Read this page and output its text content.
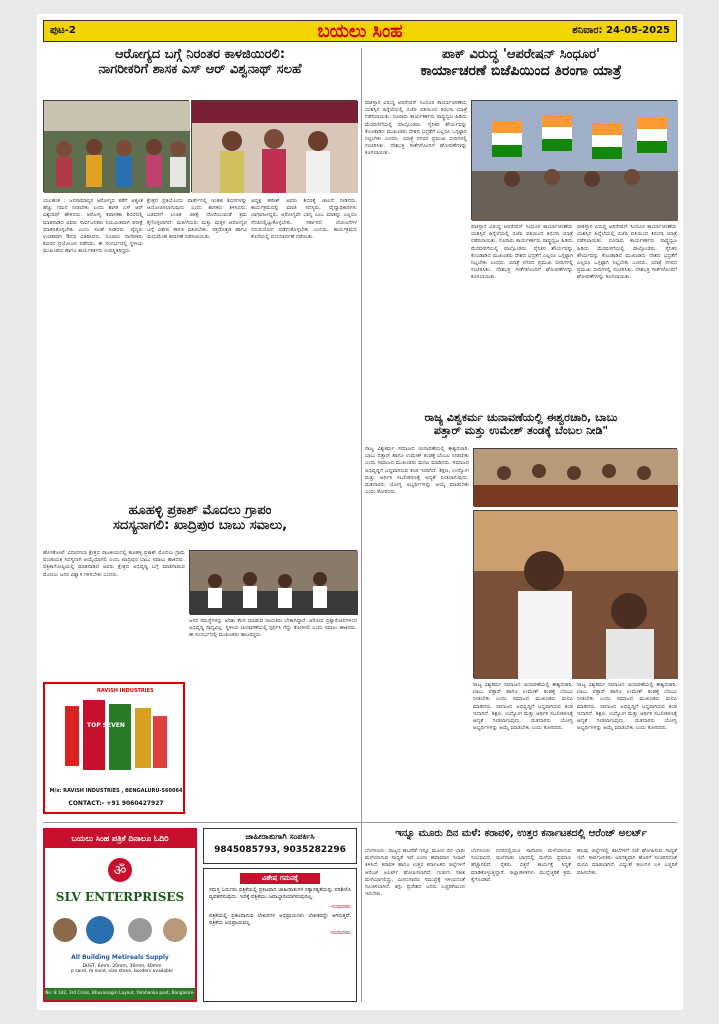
ಪುಟ-2	ಬಯಲು ಸಿಂಹ	ಶನಿವಾರ: 24-05-2025
ಆರೋಗ್ಯದ ಬಗ್ಗೆ ನಿರಂತರ ಕಾಳಜಿಯಿರಲಿ:
ನಾಗರೀಕರಿಗೆ ಶಾಸಕ ಎಸ್ ಆರ್ ವಿಶ್ವನಾಥ್ ಸಲಹೆ
ಯಲಹಂಕ : ಜನಸಾಮಾನ್ಯರ ಆರೋಗ್ಯದ ಕಡೆಗೆ ಅತ್ಯಂತ ಹೆಚ್ಚು ಗಮನ ನೀಡಬೇಕು ಎಂದು ಶಾಸಕ ಎಸ್ ಆರ್ ವಿಶ್ವನಾಥ್ ಹೇಳಿದರು. ಆರೋಗ್ಯ ತಪಾಸಣಾ ಶಿಬಿರದಲ್ಲಿ ಮಾತನಾಡಿದ ಅವರು ಸಾರ್ವಜನಿಕರು ನಿಯಮಿತವಾಗಿ ಪರೀಕ್ಷೆ ಮಾಡಿಸಿಕೊಳ್ಳಬೇಕು ಎಂದು ಸಲಹೆ ನೀಡಿದರು. ವೈದ್ಯರು ಉಚಿತವಾಗಿ ಔಷಧಿ ವಿತರಿಸಿದರು. ನೂರಾರು ನಾಗರೀಕರು ಶಿಬಿರದ ಪ್ರಯೋಜನ ಪಡೆದರು. ಈ ಸಂದರ್ಭದಲ್ಲಿ ಸ್ಥಳೀಯ ಮುಖಂಡರು ಹಾಗೂ ಕಾರ್ಯಕರ್ತರು ಉಪಸ್ಥಿತರಿದ್ದರು.
ಕ್ಷೇತ್ರದ ಪ್ರತಿಯೊಂದು ವಾರ್ಡ್‌ನಲ್ಲಿ ಇಂತಹ ಶಿಬಿರಗಳನ್ನು ಆಯೋಜಿಸಲಾಗುವುದು ಎಂದು ಶಾಸಕರು ತಿಳಿಸಿದರು. ಬಡವರಿಗೆ ಉಚಿತ ಚಿಕಿತ್ಸೆ ದೊರೆಯುವಂತೆ ಕ್ರಮ ಕೈಗೊಳ್ಳಲಾಗಿದೆ. ಮಹಿಳೆಯರು ಮತ್ತು ಮಕ್ಕಳ ಆರೋಗ್ಯದ ಬಗ್ಗೆ ವಿಶೇಷ ಕಾಳಜಿ ವಹಿಸಬೇಕು. ರಕ್ತದೊತ್ತಡ ಹಾಗೂ ಮಧುಮೇಹ ತಪಾಸಣೆ ನಡೆಸಲಾಯಿತು.
ಅಧ್ಯಕ್ಷ ಹರೀಶ್ ಅವರು ಶಿಬಿರಕ್ಕೆ ಚಾಲನೆ ನೀಡಿದರು. ಕಾರ್ಯಕ್ರಮದಲ್ಲಿ ಮಾಜಿ ಸದಸ್ಯರು, ವೈದ್ಯಾಧಿಕಾರಿಗಳು ಭಾಗವಹಿಸಿದ್ದರು. ಆರೋಗ್ಯವೇ ಭಾಗ್ಯ ಎಂಬ ಮಾತನ್ನು ಎಲ್ಲರೂ ನೆನಪಿನಲ್ಲಿಟ್ಟುಕೊಳ್ಳಬೇಕು. ಸರ್ಕಾರದ ಯೋಜನೆಗಳ ಸದುಪಯೋಗ ಪಡೆದುಕೊಳ್ಳಬೇಕು ಎಂದರು. ಕಾರ್ಯಕ್ರಮದ ಕೊನೆಯಲ್ಲಿ ವಂದನಾರ್ಪಣೆ ನಡೆಯಿತು.
ಪಾಕ್ ವಿರುದ್ಧ 'ಆಪರೇಷನ್ ಸಿಂಧೂರ'
ಕಾರ್ಯಾಚರಣೆ ಬಿಜೆಪಿಯಿಂದ ತಿರಂಗಾ ಯಾತ್ರೆ
ಪಾಕಿಸ್ತಾನ ವಿರುದ್ಧ ಆಪರೇಷನ್ ಸಿಂಧೂರ ಕಾರ್ಯಾಚರಣೆಯ ಯಶಸ್ಸಿನ ಹಿನ್ನೆಲೆಯಲ್ಲಿ ಬಿಜೆಪಿ ವತಿಯಿಂದ ತಿರಂಗಾ ಯಾತ್ರೆ ನಡೆಸಲಾಯಿತು. ನೂರಾರು ಕಾರ್ಯಕರ್ತರು ರಾಷ್ಟ್ರಧ್ವಜ ಹಿಡಿದು ಮೆರವಣಿಗೆಯಲ್ಲಿ ಪಾಲ್ಗೊಂಡರು. ಸೈನಿಕರ ಶೌರ್ಯವನ್ನು ಕೊಂಡಾಡಿದ ಮುಖಂಡರು ದೇಶದ ಭದ್ರತೆಗೆ ಎಲ್ಲರೂ ಒಗ್ಗಟ್ಟಾಗಿ ನಿಲ್ಲಬೇಕು ಎಂದರು. ಯಾತ್ರೆ ನಗರದ ಪ್ರಮುಖ ಬೀದಿಗಳಲ್ಲಿ ಸಂಚರಿಸಿತು. ದೇಶಭಕ್ತಿ ಗೀತೆಗಳೊಂದಿಗೆ ಘೋಷಣೆಗಳನ್ನು ಕೂಗಲಾಯಿತು.
ಪಾಕಿಸ್ತಾನ ವಿರುದ್ಧ ಆಪರೇಷನ್ ಸಿಂಧೂರ ಕಾರ್ಯಾಚರಣೆಯ ಯಶಸ್ಸಿನ ಹಿನ್ನೆಲೆಯಲ್ಲಿ ಬಿಜೆಪಿ ವತಿಯಿಂದ ತಿರಂಗಾ ಯಾತ್ರೆ ನಡೆಸಲಾಯಿತು. ನೂರಾರು ಕಾರ್ಯಕರ್ತರು ರಾಷ್ಟ್ರಧ್ವಜ ಹಿಡಿದು ಮೆರವಣಿಗೆಯಲ್ಲಿ ಪಾಲ್ಗೊಂಡರು. ಸೈನಿಕರ ಶೌರ್ಯವನ್ನು ಕೊಂಡಾಡಿದ ಮುಖಂಡರು ದೇಶದ ಭದ್ರತೆಗೆ ಎಲ್ಲರೂ ಒಗ್ಗಟ್ಟಾಗಿ ನಿಲ್ಲಬೇಕು ಎಂದರು. ಯಾತ್ರೆ ನಗರದ ಪ್ರಮುಖ ಬೀದಿಗಳಲ್ಲಿ ಸಂಚರಿಸಿತು. ದೇಶಭಕ್ತಿ ಗೀತೆಗಳೊಂದಿಗೆ ಘೋಷಣೆಗಳನ್ನು ಕೂಗಲಾಯಿತು.
ಪಾಕಿಸ್ತಾನ ವಿರುದ್ಧ ಆಪರೇಷನ್ ಸಿಂಧೂರ ಕಾರ್ಯಾಚರಣೆಯ ಯಶಸ್ಸಿನ ಹಿನ್ನೆಲೆಯಲ್ಲಿ ಬಿಜೆಪಿ ವತಿಯಿಂದ ತಿರಂಗಾ ಯಾತ್ರೆ ನಡೆಸಲಾಯಿತು. ನೂರಾರು ಕಾರ್ಯಕರ್ತರು ರಾಷ್ಟ್ರಧ್ವಜ ಹಿಡಿದು ಮೆರವಣಿಗೆಯಲ್ಲಿ ಪಾಲ್ಗೊಂಡರು. ಸೈನಿಕರ ಶೌರ್ಯವನ್ನು ಕೊಂಡಾಡಿದ ಮುಖಂಡರು ದೇಶದ ಭದ್ರತೆಗೆ ಎಲ್ಲರೂ ಒಗ್ಗಟ್ಟಾಗಿ ನಿಲ್ಲಬೇಕು ಎಂದರು. ಯಾತ್ರೆ ನಗರದ ಪ್ರಮುಖ ಬೀದಿಗಳಲ್ಲಿ ಸಂಚರಿಸಿತು. ದೇಶಭಕ್ತಿ ಗೀತೆಗಳೊಂದಿಗೆ ಘೋಷಣೆಗಳನ್ನು ಕೂಗಲಾಯಿತು.
ರಾಜ್ಯ ವಿಶ್ವಕರ್ಮ ಚುನಾವಣೆಯಲ್ಲಿ ಈಶ್ವರಚಾರಿ, ಬಾಬು
ಪತ್ತಾರ್ ಮತ್ತು ಉಮೇಶ್ ತಂಡಕ್ಕೆ ಬೆಂಬಲ ನೀಡಿ"
ರಾಜ್ಯ ವಿಶ್ವಕರ್ಮ ಸಮಾಜದ ಚುನಾವಣೆಯಲ್ಲಿ ಈಶ್ವರಚಾರಿ, ಬಾಬು ಪತ್ತಾರ್ ಹಾಗೂ ಉಮೇಶ್ ತಂಡಕ್ಕೆ ಬೆಂಬಲ ನೀಡಬೇಕು ಎಂದು ಸಮಾಜದ ಮುಖಂಡರು ಮನವಿ ಮಾಡಿದರು. ಸಮಾಜದ ಅಭಿವೃದ್ಧಿಗೆ ಬದ್ಧವಾಗಿರುವ ತಂಡ ಇದಾಗಿದೆ. ಶಿಕ್ಷಣ, ಉದ್ಯೋಗ ಮತ್ತು ಆರ್ಥಿಕ ಸಬಲೀಕರಣಕ್ಕೆ ಆದ್ಯತೆ ನೀಡಲಾಗುವುದು. ಮತದಾರರು ಯೋಗ್ಯ ಅಭ್ಯರ್ಥಿಗಳನ್ನು ಆಯ್ಕೆ ಮಾಡಬೇಕು ಎಂದು ಕೋರಿದರು.
ರಾಜ್ಯ ವಿಶ್ವಕರ್ಮ ಸಮಾಜದ ಚುನಾವಣೆಯಲ್ಲಿ ಈಶ್ವರಚಾರಿ, ಬಾಬು ಪತ್ತಾರ್ ಹಾಗೂ ಉಮೇಶ್ ತಂಡಕ್ಕೆ ಬೆಂಬಲ ನೀಡಬೇಕು ಎಂದು ಸಮಾಜದ ಮುಖಂಡರು ಮನವಿ ಮಾಡಿದರು. ಸಮಾಜದ ಅಭಿವೃದ್ಧಿಗೆ ಬದ್ಧವಾಗಿರುವ ತಂಡ ಇದಾಗಿದೆ. ಶಿಕ್ಷಣ, ಉದ್ಯೋಗ ಮತ್ತು ಆರ್ಥಿಕ ಸಬಲೀಕರಣಕ್ಕೆ ಆದ್ಯತೆ ನೀಡಲಾಗುವುದು. ಮತದಾರರು ಯೋಗ್ಯ ಅಭ್ಯರ್ಥಿಗಳನ್ನು ಆಯ್ಕೆ ಮಾಡಬೇಕು ಎಂದು ಕೋರಿದರು.
ರಾಜ್ಯ ವಿಶ್ವಕರ್ಮ ಸಮಾಜದ ಚುನಾವಣೆಯಲ್ಲಿ ಈಶ್ವರಚಾರಿ, ಬಾಬು ಪತ್ತಾರ್ ಹಾಗೂ ಉಮೇಶ್ ತಂಡಕ್ಕೆ ಬೆಂಬಲ ನೀಡಬೇಕು ಎಂದು ಸಮಾಜದ ಮುಖಂಡರು ಮನವಿ ಮಾಡಿದರು. ಸಮಾಜದ ಅಭಿವೃದ್ಧಿಗೆ ಬದ್ಧವಾಗಿರುವ ತಂಡ ಇದಾಗಿದೆ. ಶಿಕ್ಷಣ, ಉದ್ಯೋಗ ಮತ್ತು ಆರ್ಥಿಕ ಸಬಲೀಕರಣಕ್ಕೆ ಆದ್ಯತೆ ನೀಡಲಾಗುವುದು. ಮತದಾರರು ಯೋಗ್ಯ ಅಭ್ಯರ್ಥಿಗಳನ್ನು ಆಯ್ಕೆ ಮಾಡಬೇಕು ಎಂದು ಕೋರಿದರು.
ಹೂಹಳ್ಳಿ ಪ್ರಕಾಶ್ ಮೊದಲು ಗ್ರಾಪಂ
ಸದಸ್ಯನಾಗಲಿ: ಖಾದ್ರಿಪುರ ಬಾಬು ಸವಾಲು,
ಹೊಸಕೋಟೆ: ವಿಧಾನಸಭಾ ಕ್ಷೇತ್ರದ ರಾಜಕೀಯದಲ್ಲಿ ಹೂಹಳ್ಳಿ ಪ್ರಕಾಶ್ ಮೊದಲು ಗ್ರಾಮ ಪಂಚಾಯತಿ ಸದಸ್ಯನಾಗಿ ಆಯ್ಕೆಯಾಗಲಿ ಎಂದು ಖಾದ್ರಿಪುರ ಬಾಬು ಸವಾಲು ಹಾಕಿದರು. ಪತ್ರಿಕಾಗೋಷ್ಠಿಯಲ್ಲಿ ಮಾತನಾಡಿದ ಅವರು ಕ್ಷೇತ್ರದ ಅಭಿವೃದ್ಧಿ ಬಗ್ಗೆ ಮಾತನಾಡುವ ಮೊದಲು ಜನರ ವಿಶ್ವಾಸ ಗಳಿಸಬೇಕು ಎಂದರು.
ಜನರ ಸಮಸ್ಯೆಗಳನ್ನು ಅರಿತು ಕೆಲಸ ಮಾಡುವ ನಾಯಕರು ಬೇಕಾಗಿದ್ದಾರೆ. ಆರೋಪ ಪ್ರತ್ಯಾರೋಪಗಳಿಂದ ಅಭಿವೃದ್ಧಿ ಸಾಧ್ಯವಿಲ್ಲ. ಸ್ಥಳೀಯ ಚುನಾವಣೆಯಲ್ಲಿ ಸ್ಪರ್ಧಿಸಿ ಗೆದ್ದು ತೋರಿಸಲಿ ಎಂದು ಸವಾಲು ಹಾಕಿದರು. ಈ ಸಂದರ್ಭದಲ್ಲಿ ಮುಖಂಡರು ಹಾಜರಿದ್ದರು.
RAVISH INDUSTRIES
TOP SEVEN
M/s: RAVISH INDUSTRIES , BENGALURU-560064
CONTACT:- +91 9060427927
ಬಯಲು ಸಿಂಹ ಪತ್ರಿಕೆ ದಿನಾಲೂ ಓದಿರಿ
ॐ
SLV ENTERPRISES
All Building Metireals Supply
DUST, 6mm, 20mm, 30mm, 40mm
p sand, m sand, size stone, borders available
No: 8 142, 3rd Cross, Bhuvanagiri Layout, Yelahanka post, Bangalore-64
ಜಾಹೀರಾತುಗಾಗಿ ಸಂಪರ್ಕಿಸಿ
9845085793, 9035282296
ವಿಶೇಷ ಗಮನಕ್ಕೆ
ಸಮಸ್ತ ಓದುಗರು ಪತ್ರಿಕೆಯಲ್ಲಿ ಪ್ರಕಟವಾದ ಜಾಹೀರಾತುಗಳ ಸತ್ಯಾಸತ್ಯತೆಯನ್ನು ಪರಿಶೀಲಿಸಿ ವ್ಯವಹರಿಸುವುದು. ಇದಕ್ಕೆ ಪತ್ರಿಕೆಯು ಜವಾಬ್ದಾರಿಯಾಗಿರುವುದಿಲ್ಲ.
-ಸಂಪಾದಕರು
ಪತ್ರಿಕೆಯಲ್ಲಿ ಪ್ರಕಟವಾಗುವ ಲೇಖನಗಳ ಅಭಿಪ್ರಾಯಗಳು ಲೇಖಕರದ್ದೇ ಆಗಿರುತ್ತವೆ. ಪತ್ರಿಕೆಯ ಅಭಿಪ್ರಾಯವಲ್ಲ.
-ಸಂಪಾದಕರು
ಇನ್ನೂ ಮೂರು ದಿನ ಮಳೆ: ಕರಾವಳಿ, ಉತ್ತರ ಕರ್ನಾಟಕದಲ್ಲಿ ಆರೆಂಜ್ ಅಲರ್ಟ್
ಬೆಂಗಳೂರು: ರಾಜ್ಯದ ಹಲವೆಡೆ ಇನ್ನೂ ಮೂರು ದಿನ ಭಾರೀ ಮಳೆಯಾಗುವ ಸಾಧ್ಯತೆ ಇದೆ ಎಂದು ಹವಾಮಾನ ಇಲಾಖೆ ತಿಳಿಸಿದೆ. ಕರಾವಳಿ ಹಾಗೂ ಉತ್ತರ ಕರ್ನಾಟಕದ ಜಿಲ್ಲೆಗಳಿಗೆ ಆರೆಂಜ್ ಅಲರ್ಟ್ ಘೋಷಿಸಲಾಗಿದೆ. ಗುಡುಗು ಸಹಿತ ಮಳೆಯಾಗಲಿದ್ದು, ಮೀನುಗಾರರು ಸಮುದ್ರಕ್ಕೆ ಇಳಿಯದಂತೆ ಸೂಚಿಸಲಾಗಿದೆ. ತಗ್ಗು ಪ್ರದೇಶದ ಜನರು ಎಚ್ಚರಿಕೆಯಿಂದ ಇರಬೇಕು.
ಬೆಂಗಳೂರು ನಗರದಲ್ಲಿಯೂ ಸಾಧಾರಣ ಮಳೆಯಾಗುವ ಸಂಭವವಿದೆ. ಮಲೆನಾಡು ಭಾಗದಲ್ಲಿ ಮಳೆಯ ಪ್ರಮಾಣ ಹೆಚ್ಚಾಗಲಿದೆ. ರೈತರು ಬಿತ್ತನೆ ಕಾರ್ಯಕ್ಕೆ ಸಿದ್ಧತೆ ಮಾಡಿಕೊಳ್ಳುತ್ತಿದ್ದಾರೆ. ಜಿಲ್ಲಾಡಳಿತಗಳು ಮುನ್ನೆಚ್ಚರಿಕೆ ಕ್ರಮ ಕೈಗೊಂಡಿವೆ.
ಹಲವು ಜಿಲ್ಲೆಗಳಲ್ಲಿ ಶಾಲೆಗಳಿಗೆ ರಜೆ ಘೋಷಿಸುವ ಸಾಧ್ಯತೆ ಇದೆ. ಸಾರ್ವಜನಿಕರು ಅನಗತ್ಯವಾಗಿ ಹೊರಗೆ ಸಂಚರಿಸದಂತೆ ಮನವಿ ಮಾಡಲಾಗಿದೆ. ವಿದ್ಯುತ್ ಕಂಬಗಳ ಬಳಿ ಎಚ್ಚರಿಕೆ ವಹಿಸಬೇಕು.
